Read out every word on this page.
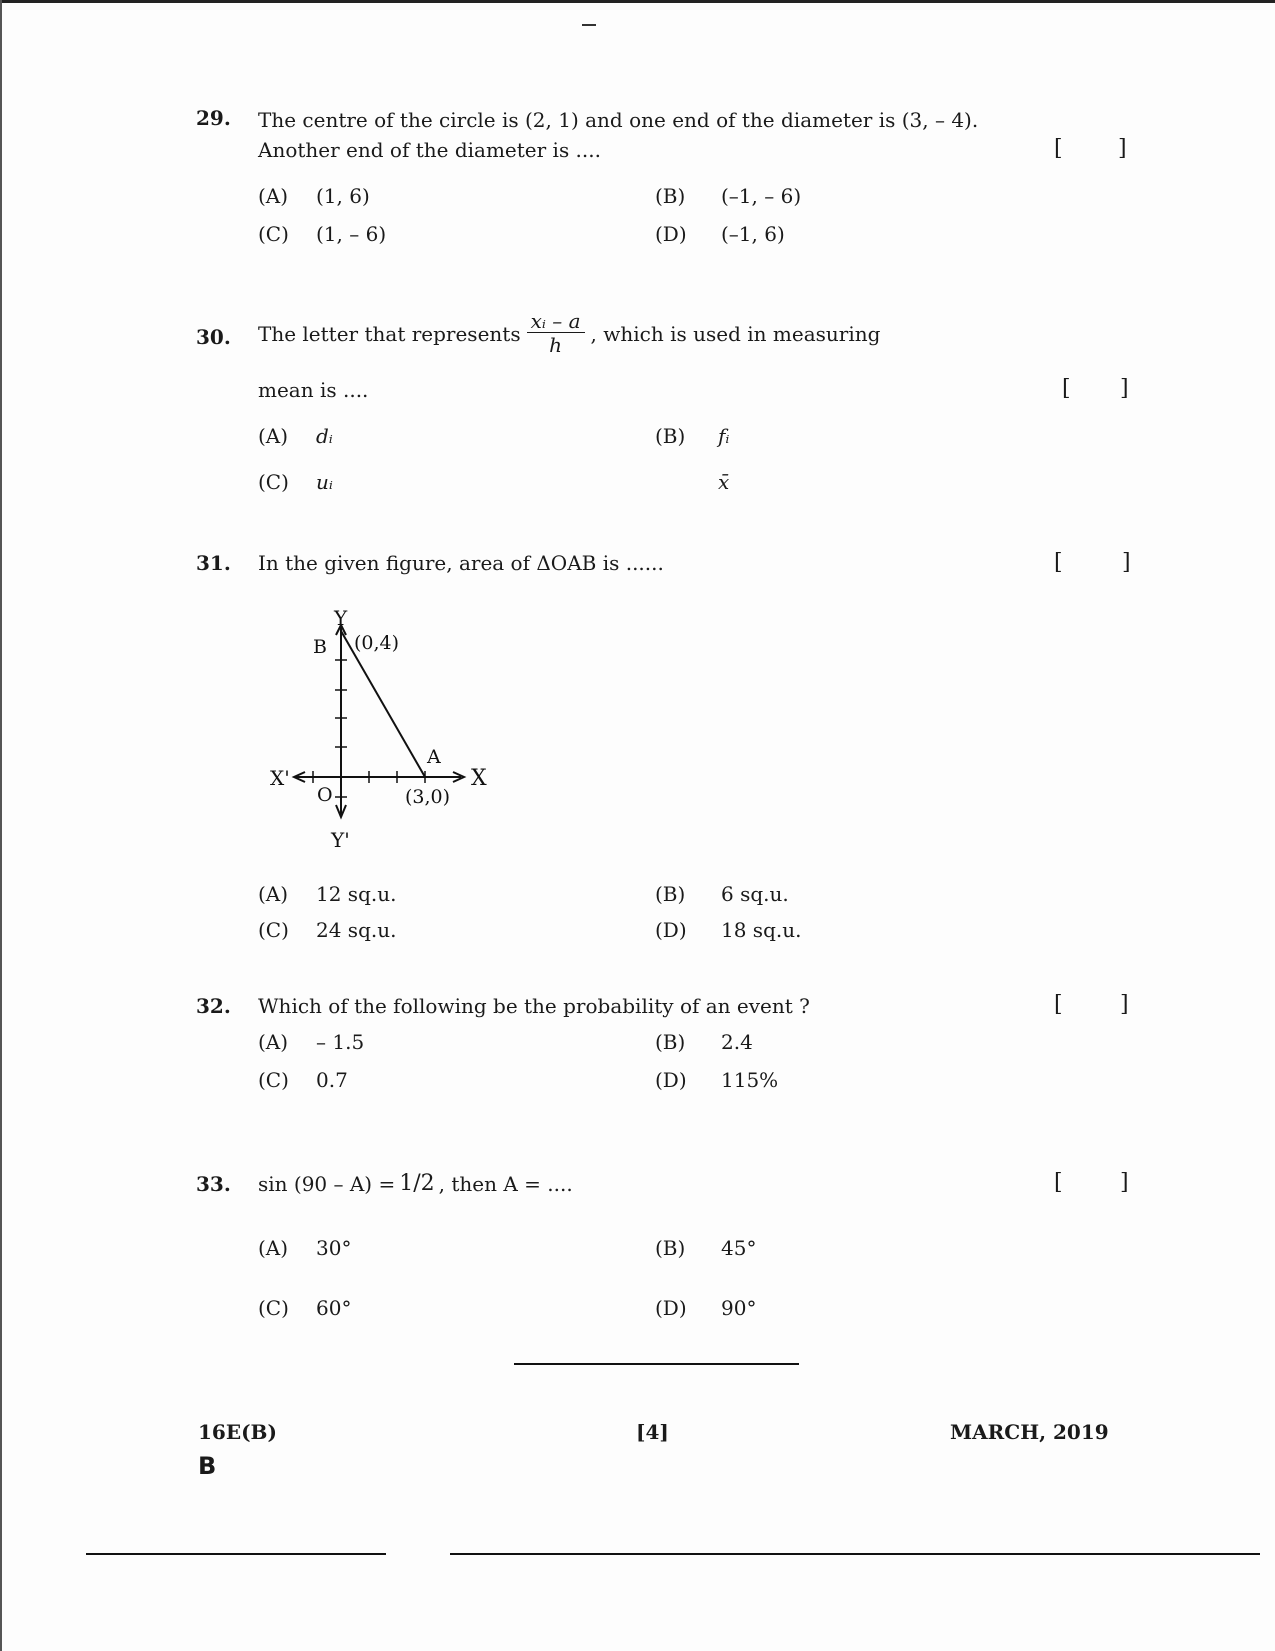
29. The centre of the circle is (2, 1) and one end of the diameter is (3, – 4).
Another end of the diameter is ....	[	]
(A) (1, 6)	(B) (–1, – 6)
(C) (1, – 6)	(D) (–1, 6)
30. The letter that represents $\frac{\text{xᵢ – a}}{h}$ , which is used in measuring
mean is ....	[ ]
(A) dᵢ	(B) fᵢ
(C) uᵢ	x̄
31. In the given figure, area of ΔOAB is ......	[	]
Y
Y'
X
X'
O
B (0,4)
A
(3,0)
(A) 12 sq.u.	(B) 6 sq.u.
(C) 24 sq.u.	(D) 18 sq.u.
32. Which of the following be the probability of an event ?	[	]
(A) – 1.5	(B) 2.4
(C) 0.7	(D) 115%
33. sin (90 – A) = 1/2 , then A = ....	[	]
(A) 30°	(B) 45°
(C) 60°	(D) 90°
16E(B)
B
[4]	MARCH, 2019
